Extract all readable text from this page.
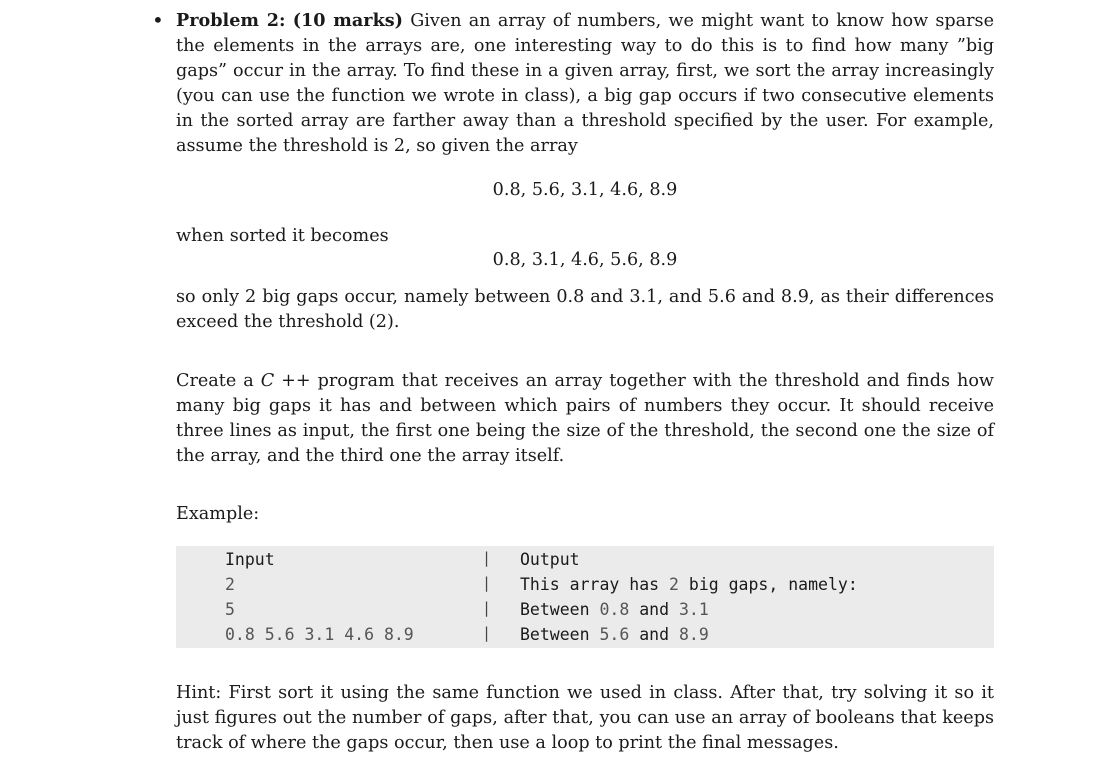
• Problem 2: (10 marks) Given an array of numbers, we might want to know how sparse the elements in the arrays are, one interesting way to do this is to find how many ”big gaps” occur in the array. To find these in a given array, first, we sort the array increasingly (you can use the function we wrote in class), a big gap occurs if two consecutive elements in the sorted array are farther away than a threshold specified by the user. For example, assume the threshold is 2, so given the array

0.8, 5.6, 3.1, 4.6, 8.9

when sorted it becomes

0.8, 3.1, 4.6, 5.6, 8.9

so only 2 big gaps occur, namely between 0.8 and 3.1, and 5.6 and 8.9, as their differences exceed the threshold (2).

Create a C ++ program that receives an array together with the threshold and finds how many big gaps it has and between which pairs of numbers they occur. It should receive three lines as input, the first one being the size of the threshold, the second one the size of the array, and the third one the array itself.

Example:

Input
2
5
0.8 5.6 3.1 4.6 8.9
|
|
|
|
Output
This array has 2 big gaps, namely:
Between 0.8 and 3.1
Between 5.6 and 8.9

Hint: First sort it using the same function we used in class. After that, try solving it so it just figures out the number of gaps, after that, you can use an array of booleans that keeps track of where the gaps occur, then use a loop to print the final messages.
